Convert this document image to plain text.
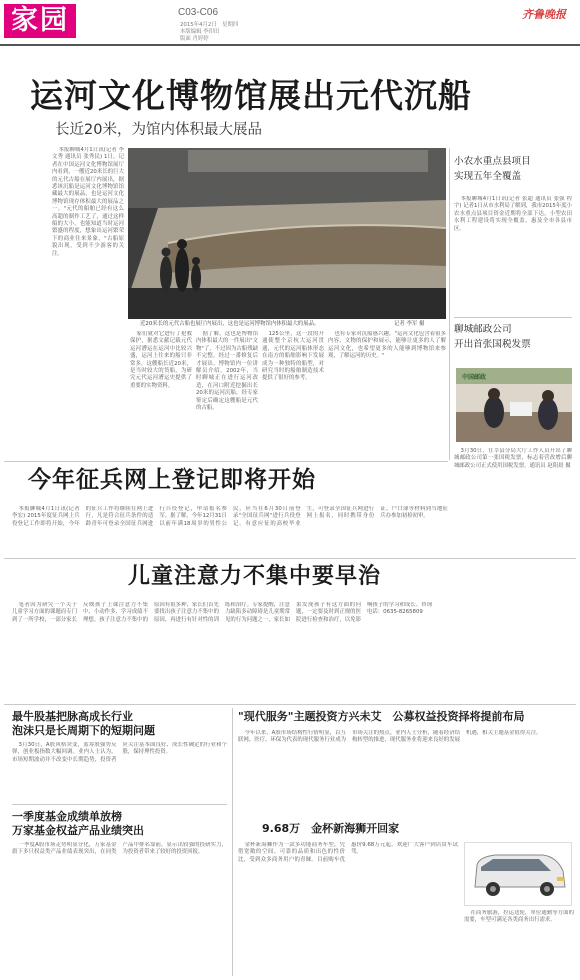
家园	C03-C06
2015年4月2日　星期四
本版编辑 李印田
版面 肖婷婷
齐鲁晚报
运河文化博物馆展出元代沉船
长近20米，为馆内体积最大展品

本报聊城4月1日讯(记者 李文秀 通讯员 张秀民) 1日，记者在中国运河文化博物馆展厅内看到，一艘近20米长的巨大的元代古船在展厅内展出，据悉该沉船是运河文化博物馆馆藏最大的展品，也是运河文化博物馆现存体积最大的展品之一。"元代的船舶已经有这么高超的制作工艺了，通过这样船的大小，也能知道当时运河繁盛的程度，想象出运河繁荣下的商业往来景象，"古船原貌出现，受到不少游客的关注。

近20米长的元代古船也展厅内展出，这也是运河博物馆内体积最大的展品。	记者 李军 摄

家们就对它进行了抢救保护，据悉文献记载元代运河漕运在运河中比较兴盛，运河上往来的船只非常多，这艘船长近20米，是当时较大的货船，为研究元代运河漕运史提供了重要的实物资料。

据了解，这也是博物馆内体积最大的一件展出"文物"了，不过因为古船残缺不完整，经过一番修复后才展出。博物馆内一位讲解员介绍，2002年，当时聊城正在进行运河改造，在河口附近挖掘出长20米的运河沉船，经专家鉴定后确定这艘船是元代的古船。

125公里，这一段的开通使整个京杭大运河贯通，元代的运河船体形态在南方的船舶影响下发展成为一种独特的船型，对研究当时的船舶制造技术提供了很好的参考。

也有专家对沉船感兴趣，"运河文化包含着很多内容，文物的保护和展示，能够让更多的人了解运河文化，也希望更多的人能够到博物馆来参观，了解运河的历史。"

小农水重点县项目
实现五年全覆盖

本报聊城4月1日讯(记者 张超 通讯员 张强 程宇) 记者1日从市水利局了解到，我市2015年度小农水重点县项目资金近期将全部下达，小型农田水利工程建设将实现全覆盖，惠及全市各县市区。

聊城邮政公司
开出首张国税发票
中国邮政

3月30日，在莘县分局大厅工作人员开出了聊城邮政公司第一张国税发票，标志着营改增后聊城邮政公司正式使用国税发票。通讯员 赵阳晨 摄

今年征兵网上登记即将开始

本报聊城4月1日讯(记者 李宏) 2015年度征兵网上兵役登记工作即将开始，今年的征兵工作将继续在网上进行，凡是符合征兵条件的适龄青年可登录全国征兵网进行兵役登记，申请报名参军。据了解，今年12月31日以前年满18周岁的男性公民，应当在6月30日前登录"全国征兵网"进行兵役登记。有意应征的高校毕业生，可登录全国征兵网进行网上报名，同时携带身份证、户口簿等材料到当地征兵办参加初检初审。

儿童注意力不集中要早治

笔者因为研究一个关于儿童学习方面的课题而专门到了一所学校，一部分家长反映孩子上课注意力不集中、小动作多、学习成绩不理想。孩子注意力不集中的原因有很多种，家长们首先要找出孩子注意力不集中的原因，再进行有针对性的训练和治疗。专家提醒，注意力缺陷多动障碍是儿童期常见的行为问题之一，家长如果发现孩子有这方面的问题，一定要及时到正规的医院进行检查和治疗，以免影响孩子的学习和成长。咨询电话：0635-8265809

最牛股基把脉高成长行业
泡沫只是长周期下的短期问题

3月30日，A股风格突变，蓝筹股强势反弹，创业板指数大幅回调。业内人士认为，市场短期波动并不改变中长期趋势，投资者应关注基本面良好、成长性确定的行业和个股，保持理性投资。

一季度基金成绩单放榜
万家基金权益产品业绩突出

一季度A股市场走势明显分化，万家基金旗下多只权益类产品业绩表现突出，在同类产品中排名靠前，显示出较强的投研实力，为投资者带来了较好的投资回报。

"现代服务"主题投资方兴未艾　公募权益投资择将提前布局

今年以来，A股市场结构性行情明显，以互联网、医疗、环保为代表的现代服务行业成为市场关注的热点。业内人士分析，随着经济结构转型的推进，现代服务业将迎来良好的发展机遇，相关主题基金值得关注。

9.68万　金杯新海狮开回家

金杯新海狮作为一款多功能商务车型，凭借宽敞的空间、可靠的品质和出色的性价比，受到众多商务用户的青睐。目前购车优惠价9.68万元起，欢迎广大客户到店赏车试驾。

在商务旅游，拉运送轮，单位通勤等方面的需要，车型可满足各类商务出行需求。
